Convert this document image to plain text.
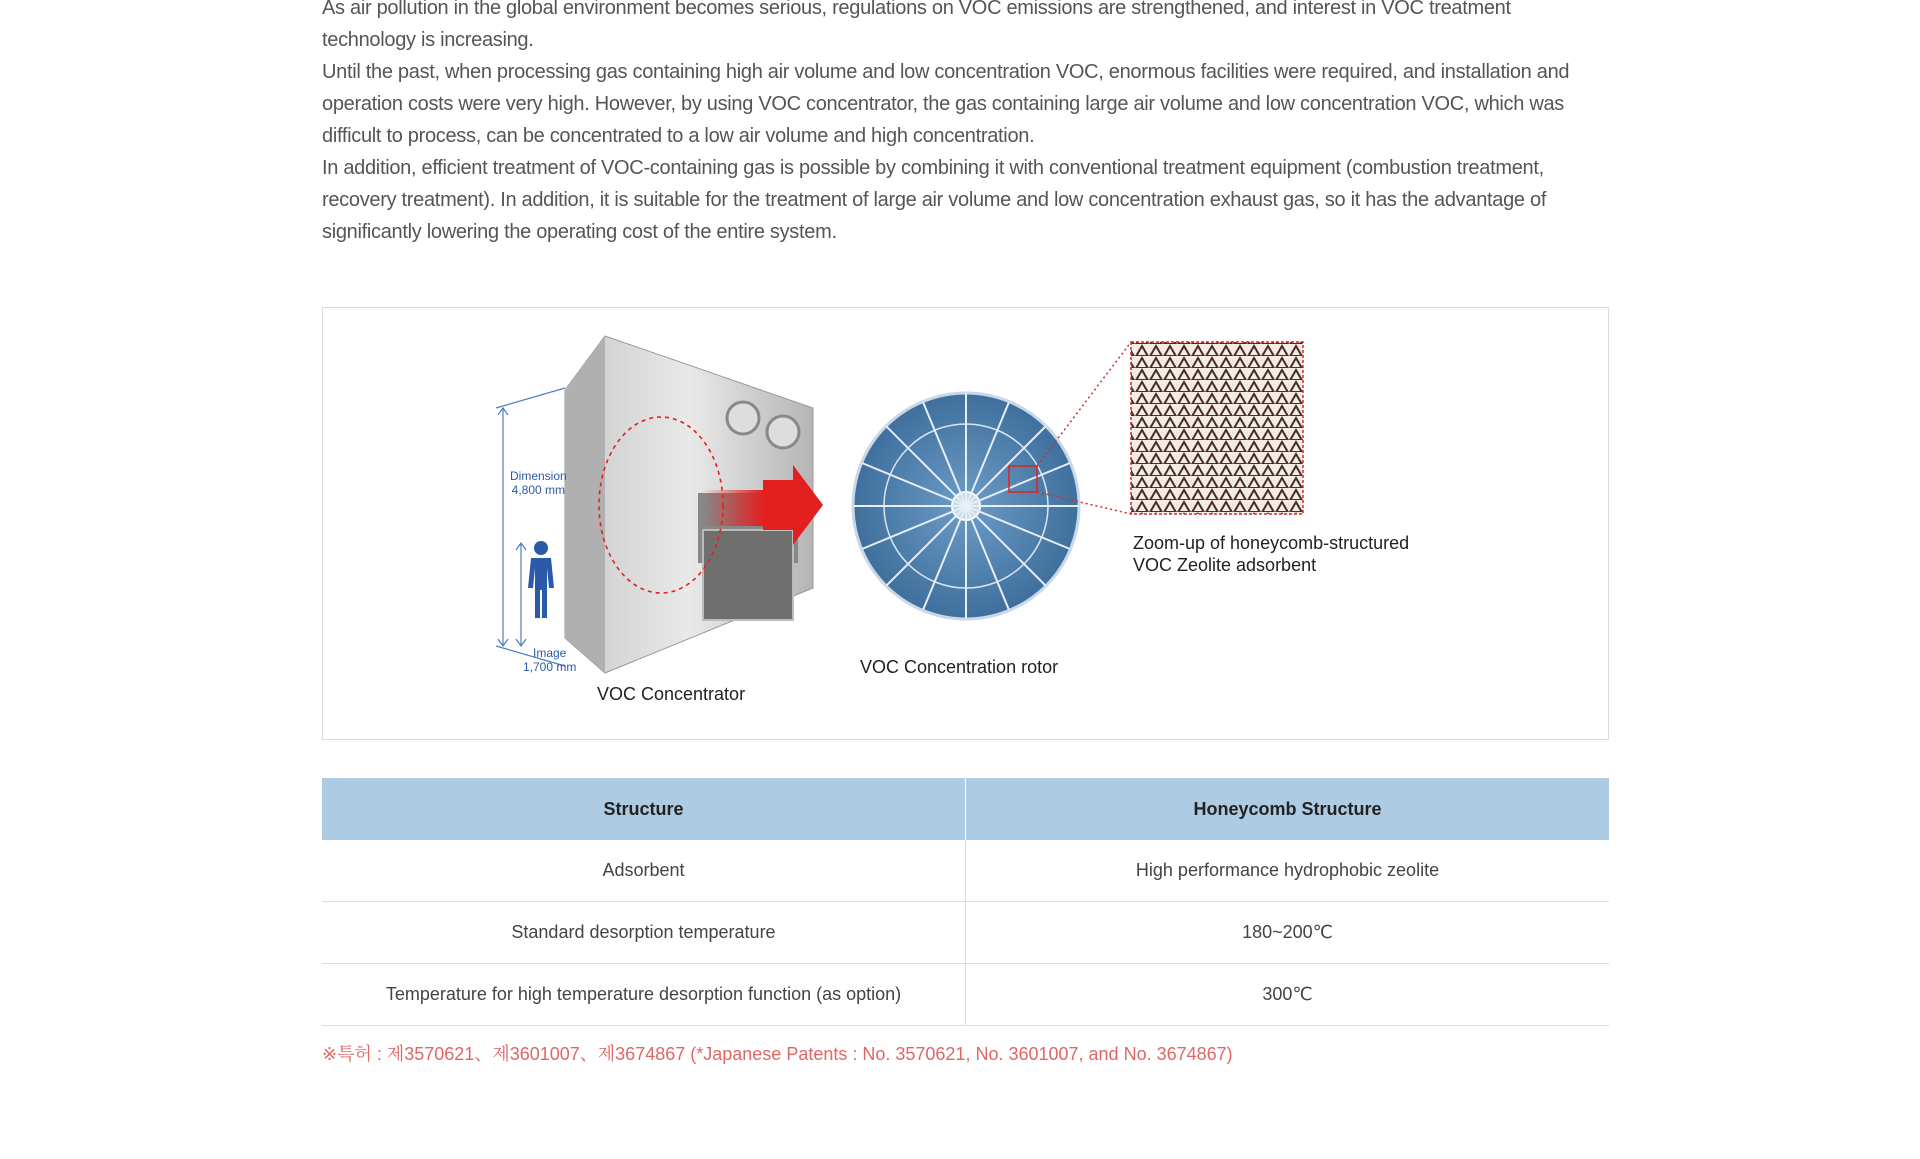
As air pollution in the global environment becomes serious, regulations on VOC emissions are strengthened, and interest in VOC treatment technology is increasing.

Until the past, when processing gas containing high air volume and low concentration VOC, enormous facilities were required, and installation and operation costs were very high. However, by using VOC concentrator, the gas containing large air volume and low concentration VOC, which was difficult to process, can be concentrated to a low air volume and high concentration.

In addition, efficient treatment of VOC-containing gas is possible by combining it with conventional treatment equipment (combustion treatment, recovery treatment). In addition, it is suitable for the treatment of large air volume and low concentration exhaust gas, so it has the advantage of significantly lowering the operating cost of the entire system.

Dimension
4,800 mm
Image
1,700 mm
VOC Concentrator
VOC Concentration rotor
Zoom-up of honeycomb-structured
VOC Zeolite adsorbent
Structure	Honeycomb Structure
Adsorbent	High performance hydrophobic zeolite
Standard desorption temperature	180~200℃
Temperature for high temperature desorption function (as option)	300℃
※특허 : 제3570621、제3601007、제3674867 (*Japanese Patents : No. 3570621, No. 3601007, and No. 3674867)
